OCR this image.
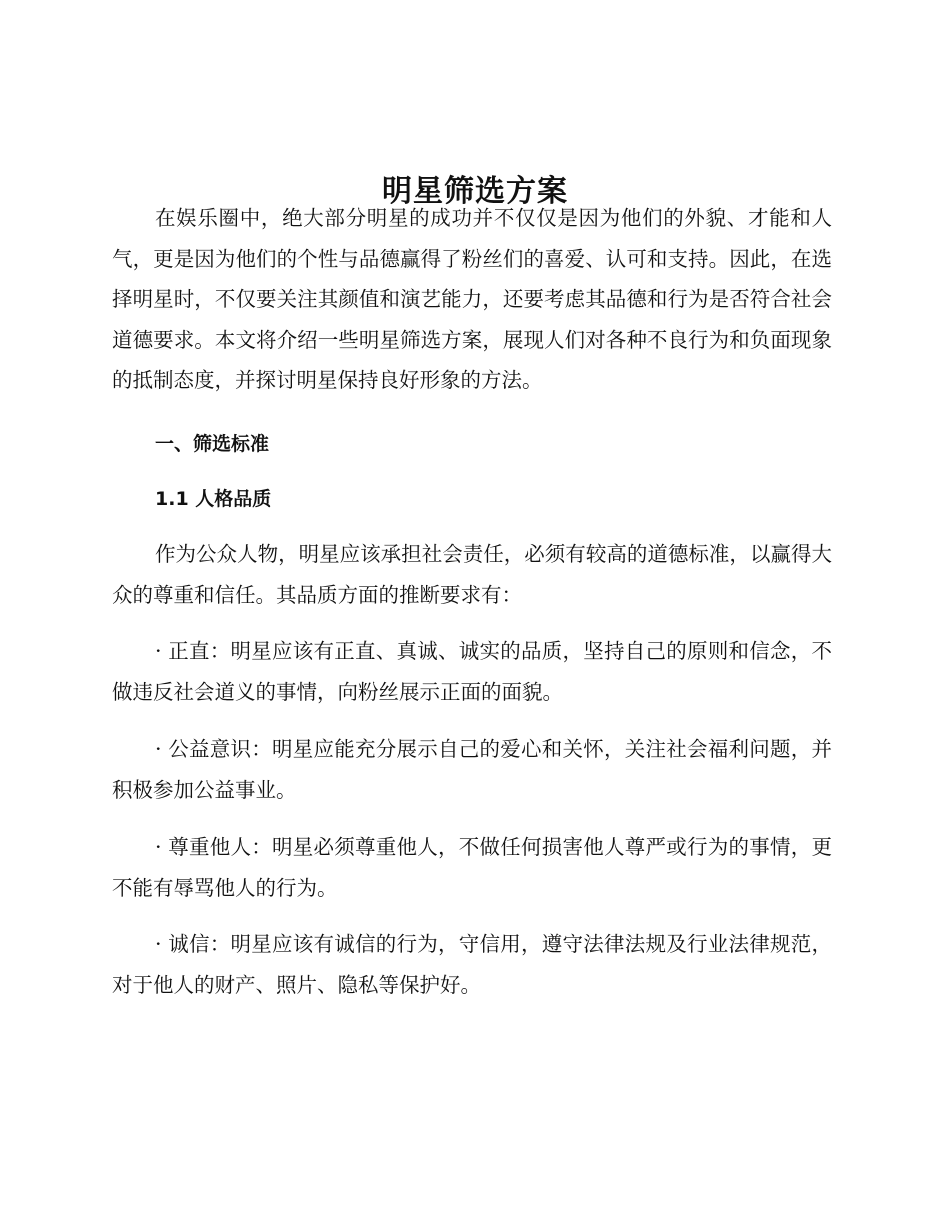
明星筛选方案

在娱乐圈中，绝大部分明星的成功并不仅仅是因为他们的外貌、才能和人气，更是因为他们的个性与品德赢得了粉丝们的喜爱、认可和支持。因此，在选择明星时，不仅要关注其颜值和演艺能力，还要考虑其品德和行为是否符合社会道德要求。本文将介绍一些明星筛选方案，展现人们对各种不良行为和负面现象的抵制态度，并探讨明星保持良好形象的方法。

一、筛选标准
1.1 人格品质

作为公众人物，明星应该承担社会责任，必须有较高的道德标准，以赢得大众的尊重和信任。其品质方面的推断要求有：

· 正直：明星应该有正直、真诚、诚实的品质，坚持自己的原则和信念，不做违反社会道义的事情，向粉丝展示正面的面貌。

· 公益意识：明星应能充分展示自己的爱心和关怀，关注社会福利问题，并积极参加公益事业。

· 尊重他人：明星必须尊重他人，不做任何损害他人尊严或行为的事情，更不能有辱骂他人的行为。

· 诚信：明星应该有诚信的行为，守信用，遵守法律法规及行业法律规范，对于他人的财产、照片、隐私等保护好。
